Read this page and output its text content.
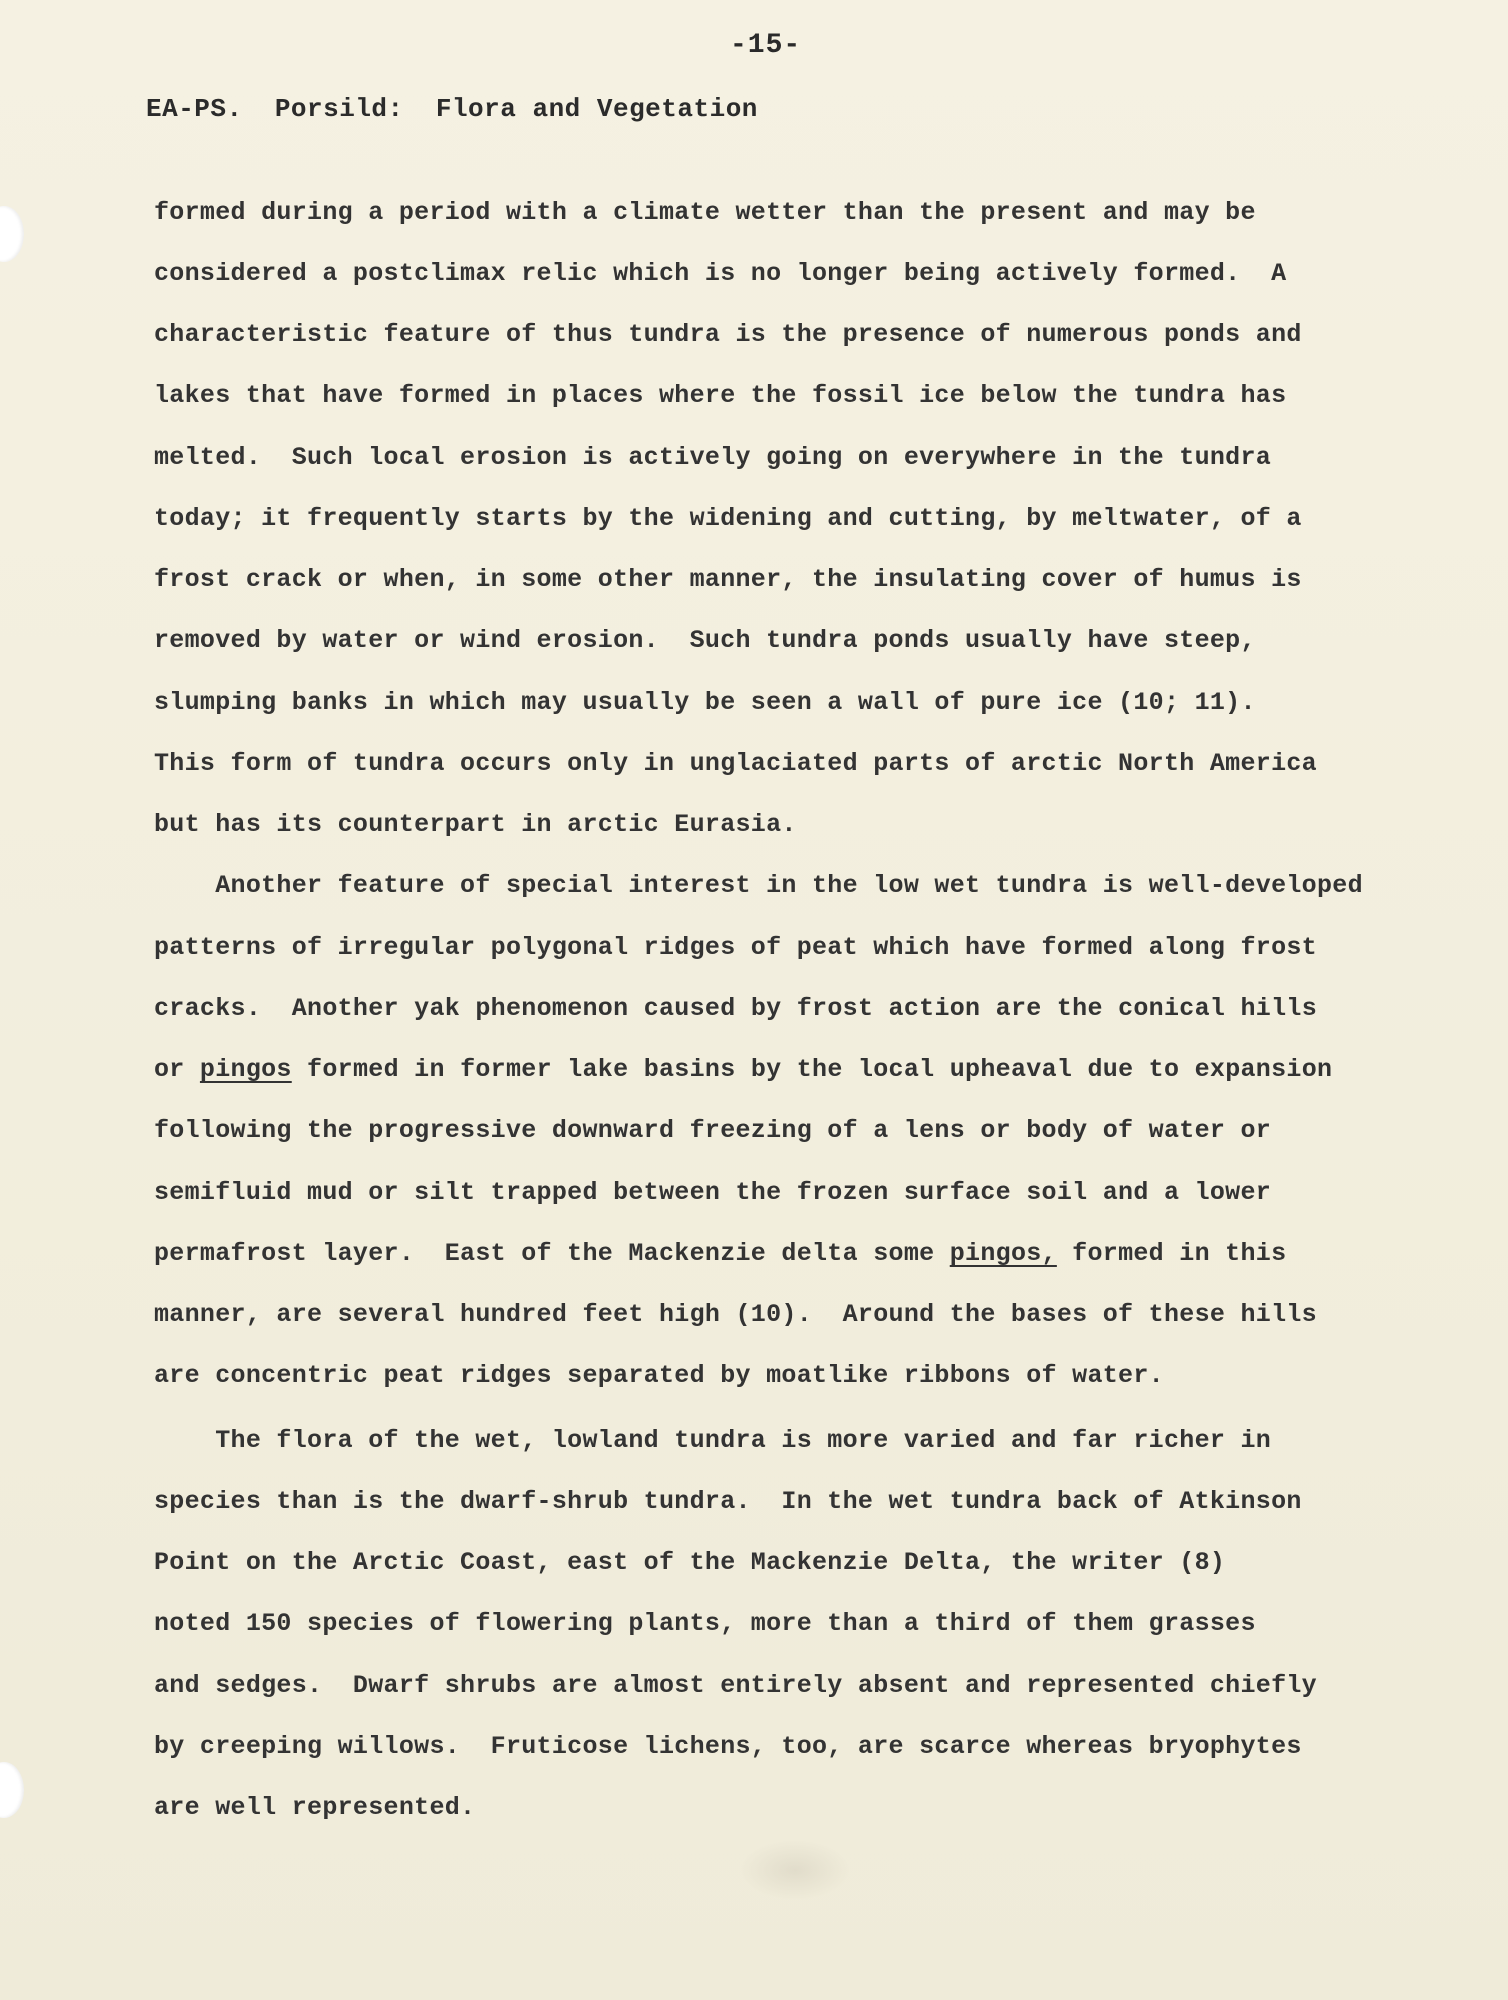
-15-
EA-PS.  Porsild:  Flora and Vegetation
formed during a period with a climate wetter than the present and may be
considered a postclimax relic which is no longer being actively formed.  A
characteristic feature of thus tundra is the presence of numerous ponds and
lakes that have formed in places where the fossil ice below the tundra has
melted.  Such local erosion is actively going on everywhere in the tundra
today; it frequently starts by the widening and cutting, by meltwater, of a
frost crack or when, in some other manner, the insulating cover of humus is
removed by water or wind erosion.  Such tundra ponds usually have steep,
slumping banks in which may usually be seen a wall of pure ice (10; 11).
This form of tundra occurs only in unglaciated parts of arctic North America
but has its counterpart in arctic Eurasia.
Another feature of special interest in the low wet tundra is well-developed
patterns of irregular polygonal ridges of peat which have formed along frost
cracks.  Another yak phenomenon caused by frost action are the conical hills
or pingos formed in former lake basins by the local upheaval due to expansion
following the progressive downward freezing of a lens or body of water or
semifluid mud or silt trapped between the frozen surface soil and a lower
permafrost layer.  East of the Mackenzie delta some pingos, formed in this
manner, are several hundred feet high (10).  Around the bases of these hills
are concentric peat ridges separated by moatlike ribbons of water.
The flora of the wet, lowland tundra is more varied and far richer in
species than is the dwarf-shrub tundra.  In the wet tundra back of Atkinson
Point on the Arctic Coast, east of the Mackenzie Delta, the writer (8)
noted 150 species of flowering plants, more than a third of them grasses
and sedges.  Dwarf shrubs are almost entirely absent and represented chiefly
by creeping willows.  Fruticose lichens, too, are scarce whereas bryophytes
are well represented.
